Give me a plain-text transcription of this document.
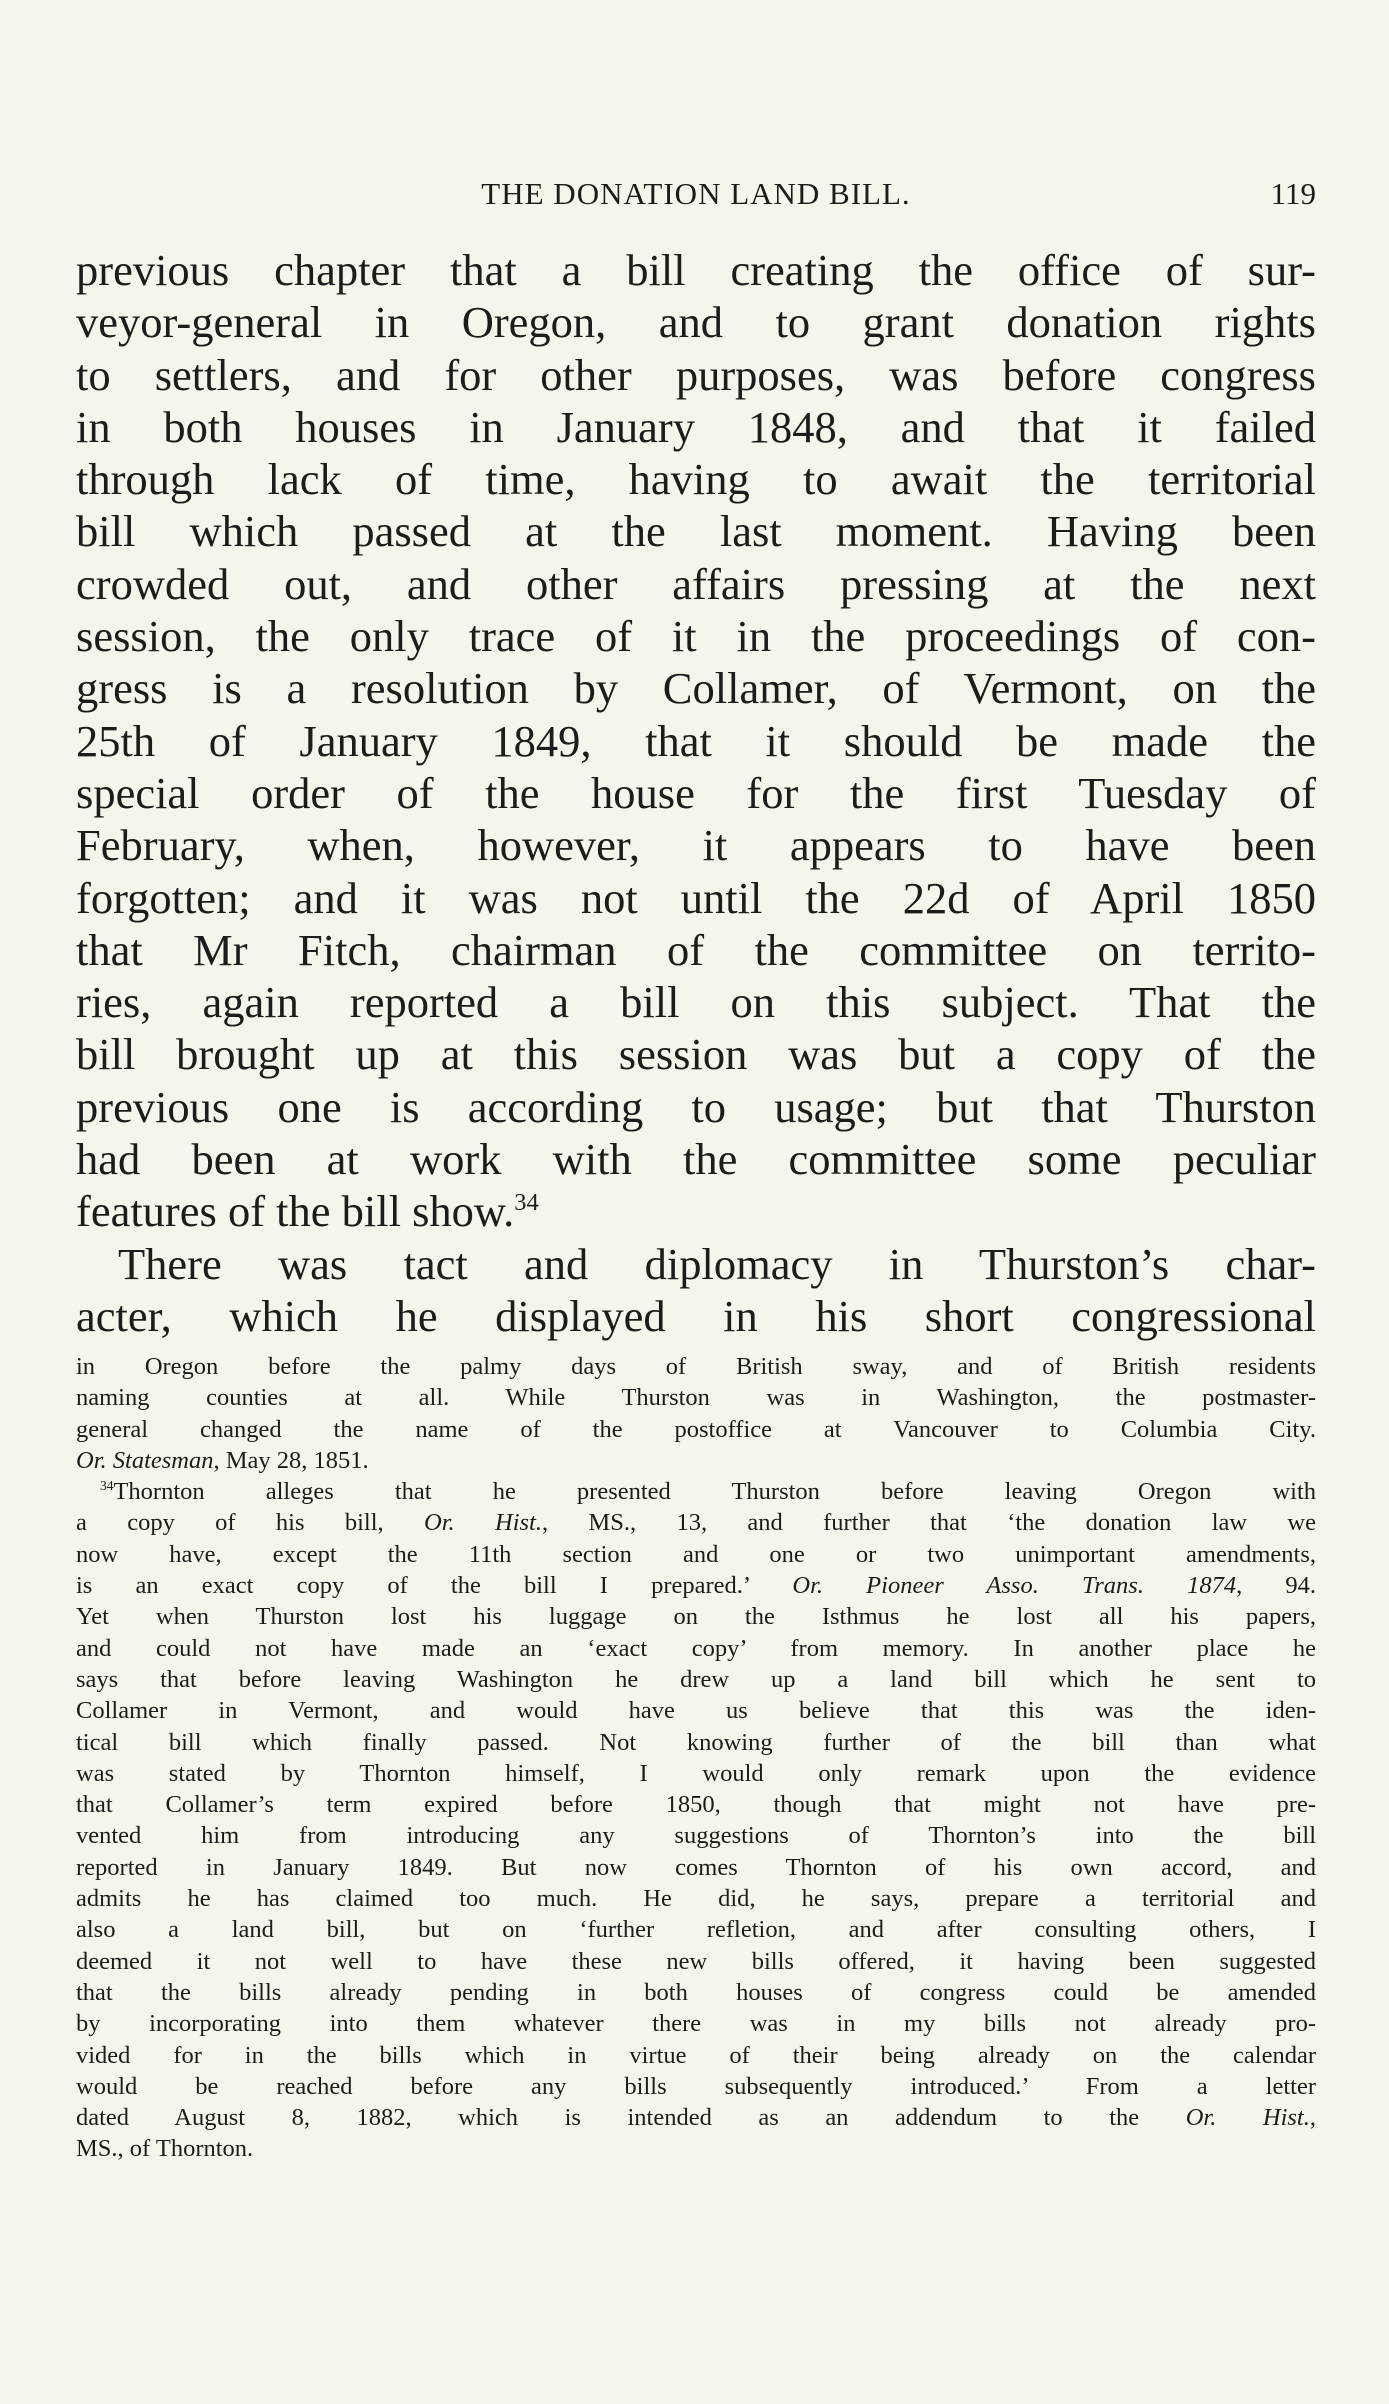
THE DONATION LAND BILL.	119
previous chapter that a bill creating the office of sur-
veyor-general in Oregon, and to grant donation rights
to settlers, and for other purposes, was before congress
in both houses in January 1848, and that it failed
through lack of time, having to await the territorial
bill which passed at the last moment. Having been
crowded out, and other affairs pressing at the next
session, the only trace of it in the proceedings of con-
gress is a resolution by Collamer, of Vermont, on the
25th of January 1849, that it should be made the
special order of the house for the first Tuesday of
February, when, however, it appears to have been
forgotten; and it was not until the 22d of April 1850
that Mr Fitch, chairman of the committee on territo-
ries, again reported a bill on this subject. That the
bill brought up at this session was but a copy of the
previous one is according to usage; but that Thurston
had been at work with the committee some peculiar
features of the bill show.$^{34}$
There was tact and diplomacy in Thurston’s char-
acter, which he displayed in his short congressional
in Oregon before the palmy days of British sway, and of British residents
naming counties at all. While Thurston was in Washington, the postmaster-
general changed the name of the postoffice at Vancouver to Columbia City.
Or. Statesman, May 28, 1851.
$^{34}$Thornton alleges that he presented Thurston before leaving Oregon with
a copy of his bill, Or. Hist., MS., 13, and further that ‘the donation law we
now have, except the 11th section and one or two unimportant amendments,
is an exact copy of the bill I prepared.’ Or. Pioneer Asso. Trans. 1874, 94.
Yet when Thurston lost his luggage on the Isthmus he lost all his papers,
and could not have made an ‘exact copy’ from memory. In another place he
says that before leaving Washington he drew up a land bill which he sent to
Collamer in Vermont, and would have us believe that this was the iden-
tical bill which finally passed. Not knowing further of the bill than what
was stated by Thornton himself, I would only remark upon the evidence
that Collamer’s term expired before 1850, though that might not have pre-
vented him from introducing any suggestions of Thornton’s into the bill
reported in January 1849. But now comes Thornton of his own accord, and
admits he has claimed too much. He did, he says, prepare a territorial and
also a land bill, but on ‘further refletion, and after consulting others, I
deemed it not well to have these new bills offered, it having been suggested
that the bills already pending in both houses of congress could be amended
by incorporating into them whatever there was in my bills not already pro-
vided for in the bills which in virtue of their being already on the calendar
would be reached before any bills subsequently introduced.’ From a letter
dated August 8, 1882, which is intended as an addendum to the Or. Hist.,
MS., of Thornton.
